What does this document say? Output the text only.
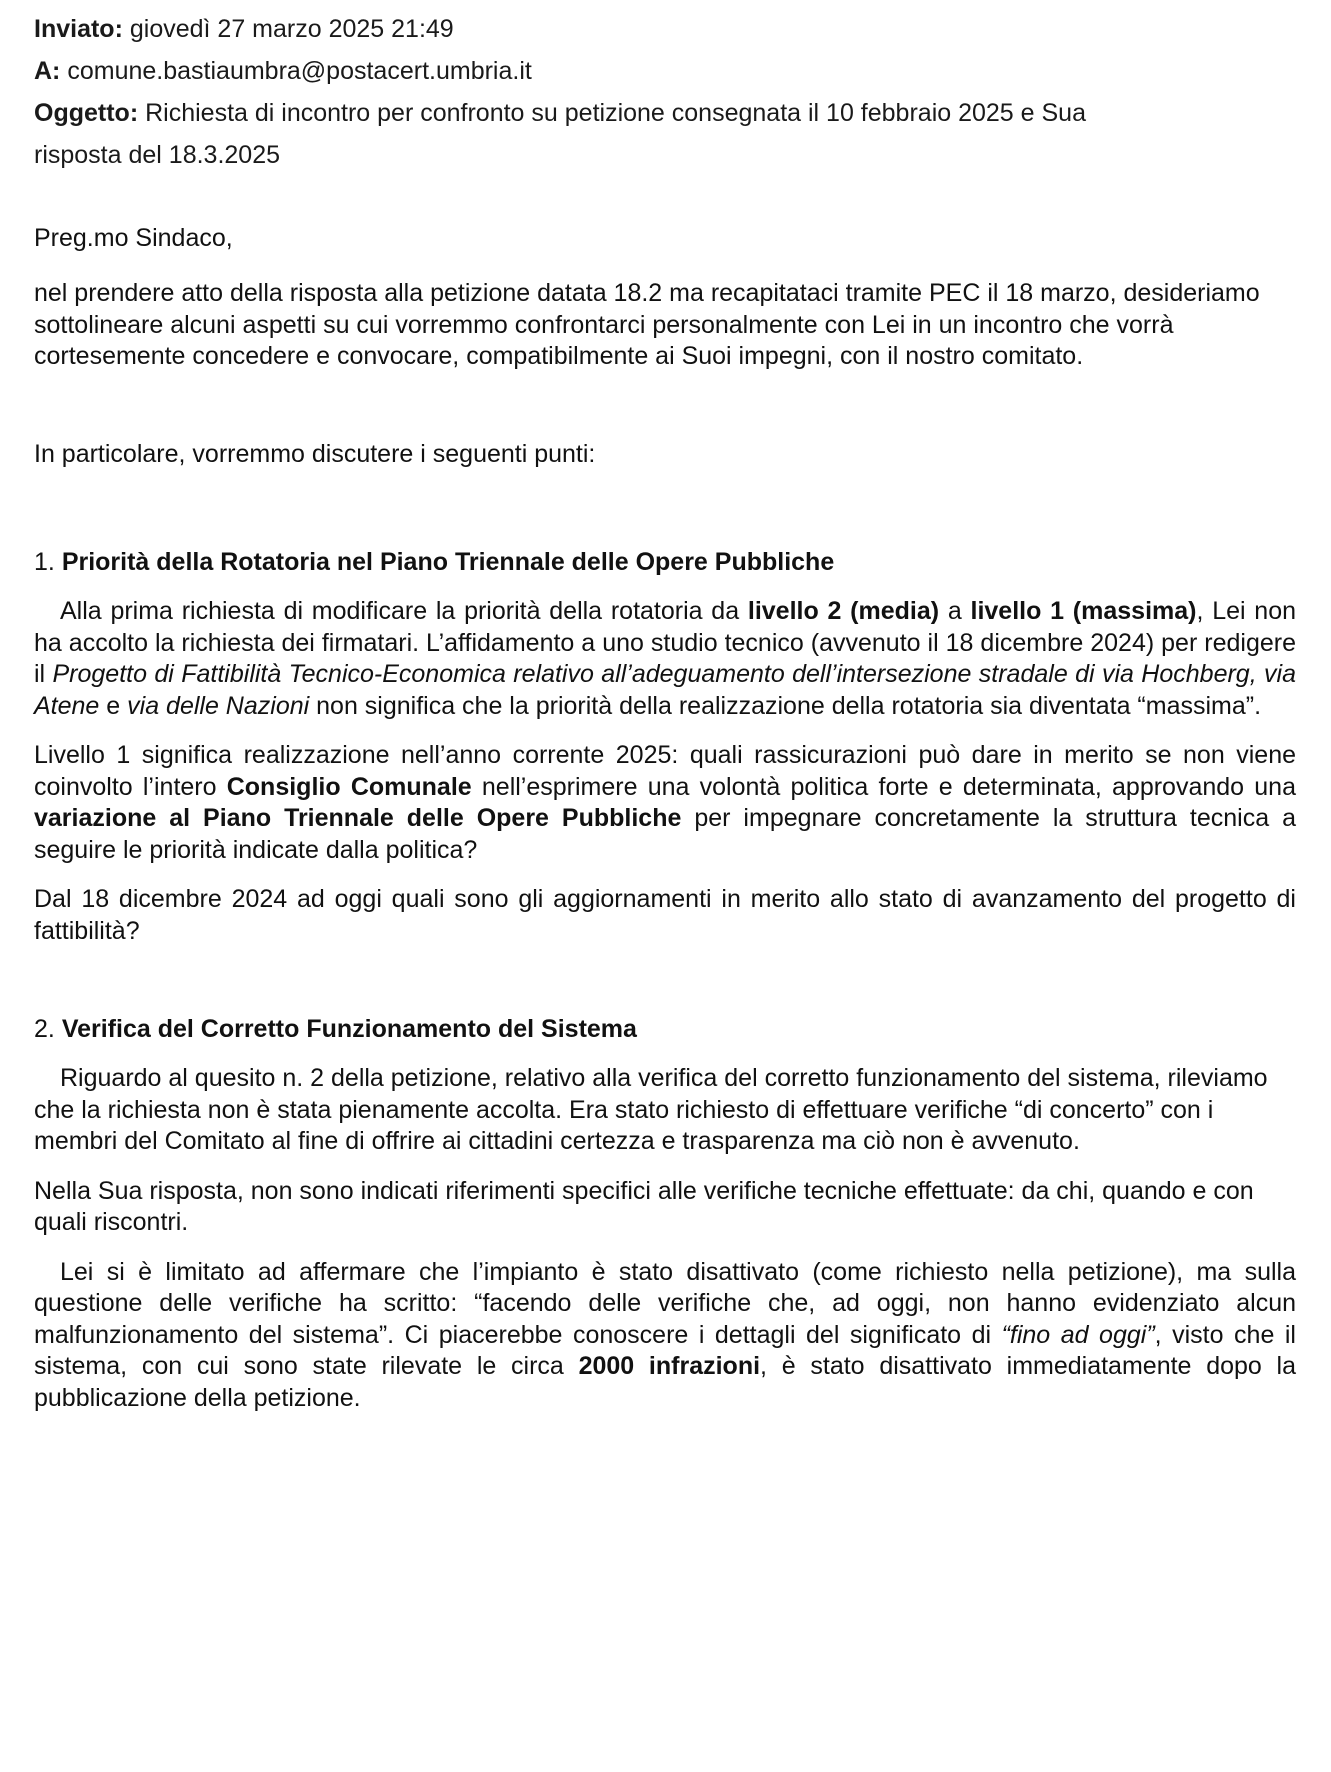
Inviato: giovedì 27 marzo 2025 21:49
A: comune.bastiaumbra@postacert.umbria.it
Oggetto: Richiesta di incontro per confronto su petizione consegnata il 10 febbraio 2025 e Sua
risposta del 18.3.2025

Preg.mo Sindaco,

nel prendere atto della risposta alla petizione datata 18.2 ma recapitataci tramite PEC il 18 marzo, desideriamo sottolineare alcuni aspetti su cui vorremmo confrontarci personalmente con Lei in un incontro che vorrà cortesemente concedere e convocare, compatibilmente ai Suoi impegni, con il nostro comitato.

In particolare, vorremmo discutere i seguenti punti:

1. Priorità della Rotatoria nel Piano Triennale delle Opere Pubbliche

Alla prima richiesta di modificare la priorità della rotatoria da livello 2 (media) a livello 1 (massima), Lei non ha accolto la richiesta dei firmatari. L’affidamento a uno studio tecnico (avvenuto il 18 dicembre 2024) per redigere il Progetto di Fattibilità Tecnico-Economica relativo all’adeguamento dell’intersezione stradale di via Hochberg, via Atene e via delle Nazioni non significa che la priorità della realizzazione della rotatoria sia diventata “massima”.

Livello 1 significa realizzazione nell’anno corrente 2025: quali rassicurazioni può dare in merito se non viene coinvolto l’intero Consiglio Comunale nell’esprimere una volontà politica forte e determinata, approvando una variazione al Piano Triennale delle Opere Pubbliche per impegnare concretamente la struttura tecnica a seguire le priorità indicate dalla politica?

Dal 18 dicembre 2024 ad oggi quali sono gli aggiornamenti in merito allo stato di avanzamento del progetto di fattibilità?

2. Verifica del Corretto Funzionamento del Sistema

Riguardo al quesito n. 2 della petizione, relativo alla verifica del corretto funzionamento del sistema, rileviamo che la richiesta non è stata pienamente accolta. Era stato richiesto di effettuare verifiche “di concerto” con i membri del Comitato al fine di offrire ai cittadini certezza e trasparenza ma ciò non è avvenuto.

Nella Sua risposta, non sono indicati riferimenti specifici alle verifiche tecniche effettuate: da chi, quando e con quali riscontri.

Lei si è limitato ad affermare che l’impianto è stato disattivato (come richiesto nella petizione), ma sulla questione delle verifiche ha scritto: “facendo delle verifiche che, ad oggi, non hanno evidenziato alcun malfunzionamento del sistema”. Ci piacerebbe conoscere i dettagli del significato di “fino ad oggi”, visto che il sistema, con cui sono state rilevate le circa 2000 infrazioni, è stato disattivato immediatamente dopo la pubblicazione della petizione.
